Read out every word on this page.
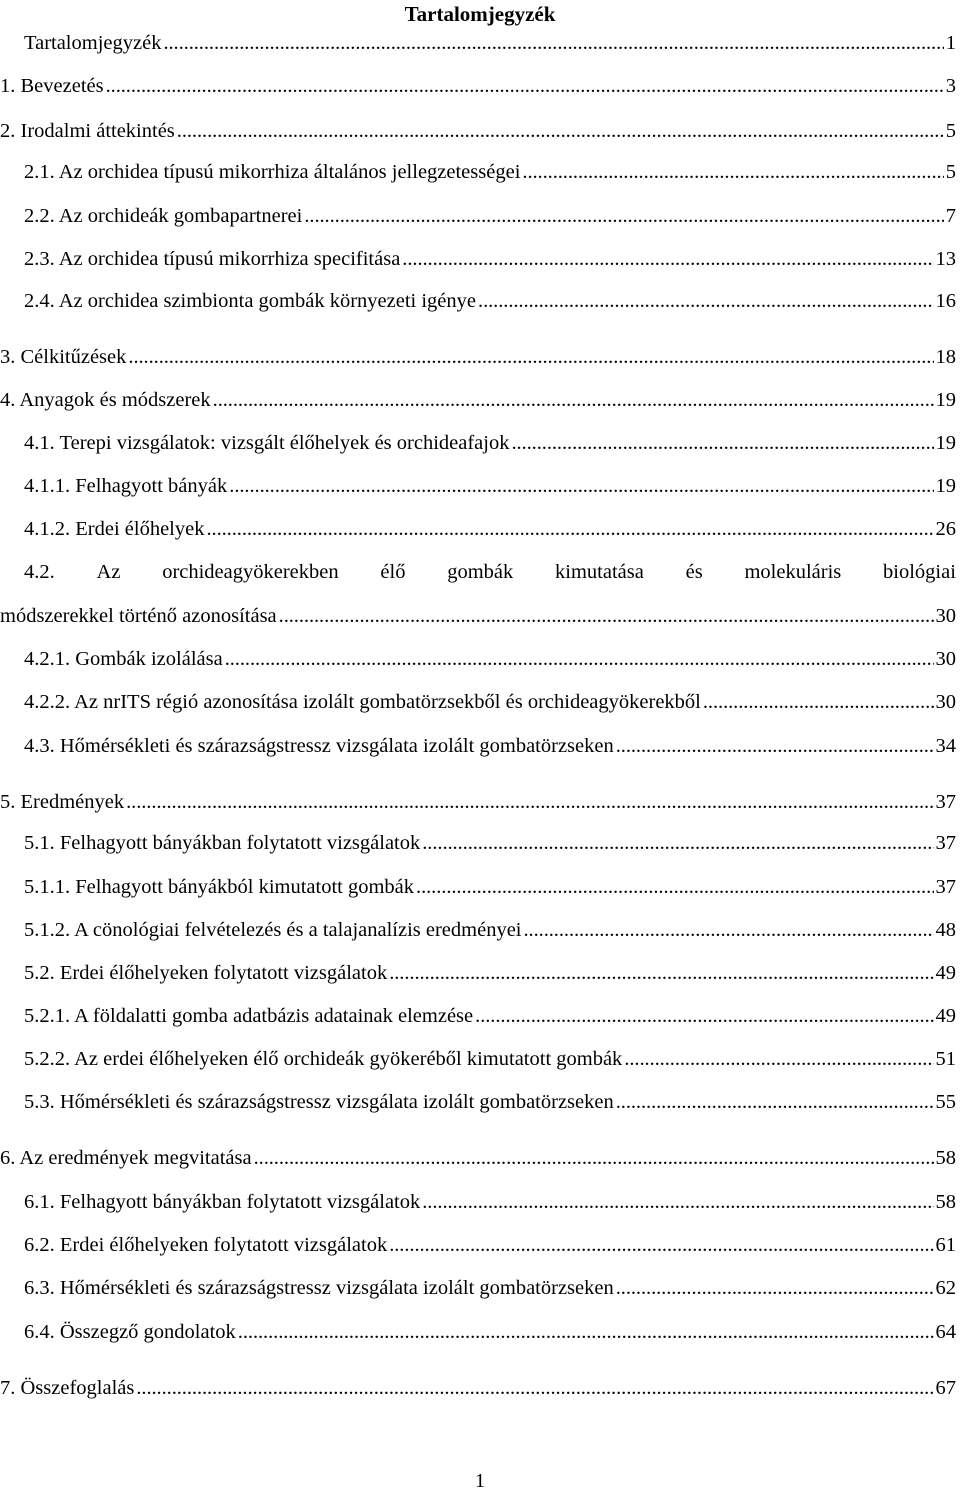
Tartalomjegyzék
Tartalomjegyzék . . .	1
1. Bevezetés . . .	3
2. Irodalmi áttekintés . . .	5
2.1. Az orchidea típusú mikorrhiza általános jellegzetességei . . .	5
2.2. Az orchideák gombapartnerei . . .	7
2.3. Az orchidea típusú mikorrhiza specifitása . . .	13
2.4. Az orchidea szimbionta gombák környezeti igénye . . .	16
3. Célkitűzések . . .	18
4. Anyagok és módszerek . . .	19
4.1. Terepi vizsgálatok: vizsgált élőhelyek és orchideafajok . . .	19
4.1.1. Felhagyott bányák . . .	19
4.1.2. Erdei élőhelyek . . .	26
4.2. Az orchideagyökerekben élő gombák kimutatása és molekuláris biológiai
módszerekkel történő azonosítása . . .	30
4.2.1. Gombák izolálása . . .	30
4.2.2. Az nrITS régió azonosítása izolált gombatörzsekből és orchideagyökerekből . . .	30
4.3. Hőmérsékleti és szárazságstressz vizsgálata izolált gombatörzseken . . .	34
5. Eredmények . . .	37
5.1. Felhagyott bányákban folytatott vizsgálatok . . .	37
5.1.1. Felhagyott bányákból kimutatott gombák . . .	37
5.1.2. A cönológiai felvételezés és a talajanalízis eredményei . . .	48
5.2. Erdei élőhelyeken folytatott vizsgálatok . . .	49
5.2.1. A földalatti gomba adatbázis adatainak elemzése . . .	49
5.2.2. Az erdei élőhelyeken élő orchideák gyökeréből kimutatott gombák . . .	51
5.3. Hőmérsékleti és szárazságstressz vizsgálata izolált gombatörzseken . . .	55
6. Az eredmények megvitatása . . .	58
6.1. Felhagyott bányákban folytatott vizsgálatok . . .	58
6.2. Erdei élőhelyeken folytatott vizsgálatok . . .	61
6.3. Hőmérsékleti és szárazságstressz vizsgálata izolált gombatörzseken . . .	62
6.4. Összegző gondolatok . . .	64
7. Összefoglalás . . .	67
1
